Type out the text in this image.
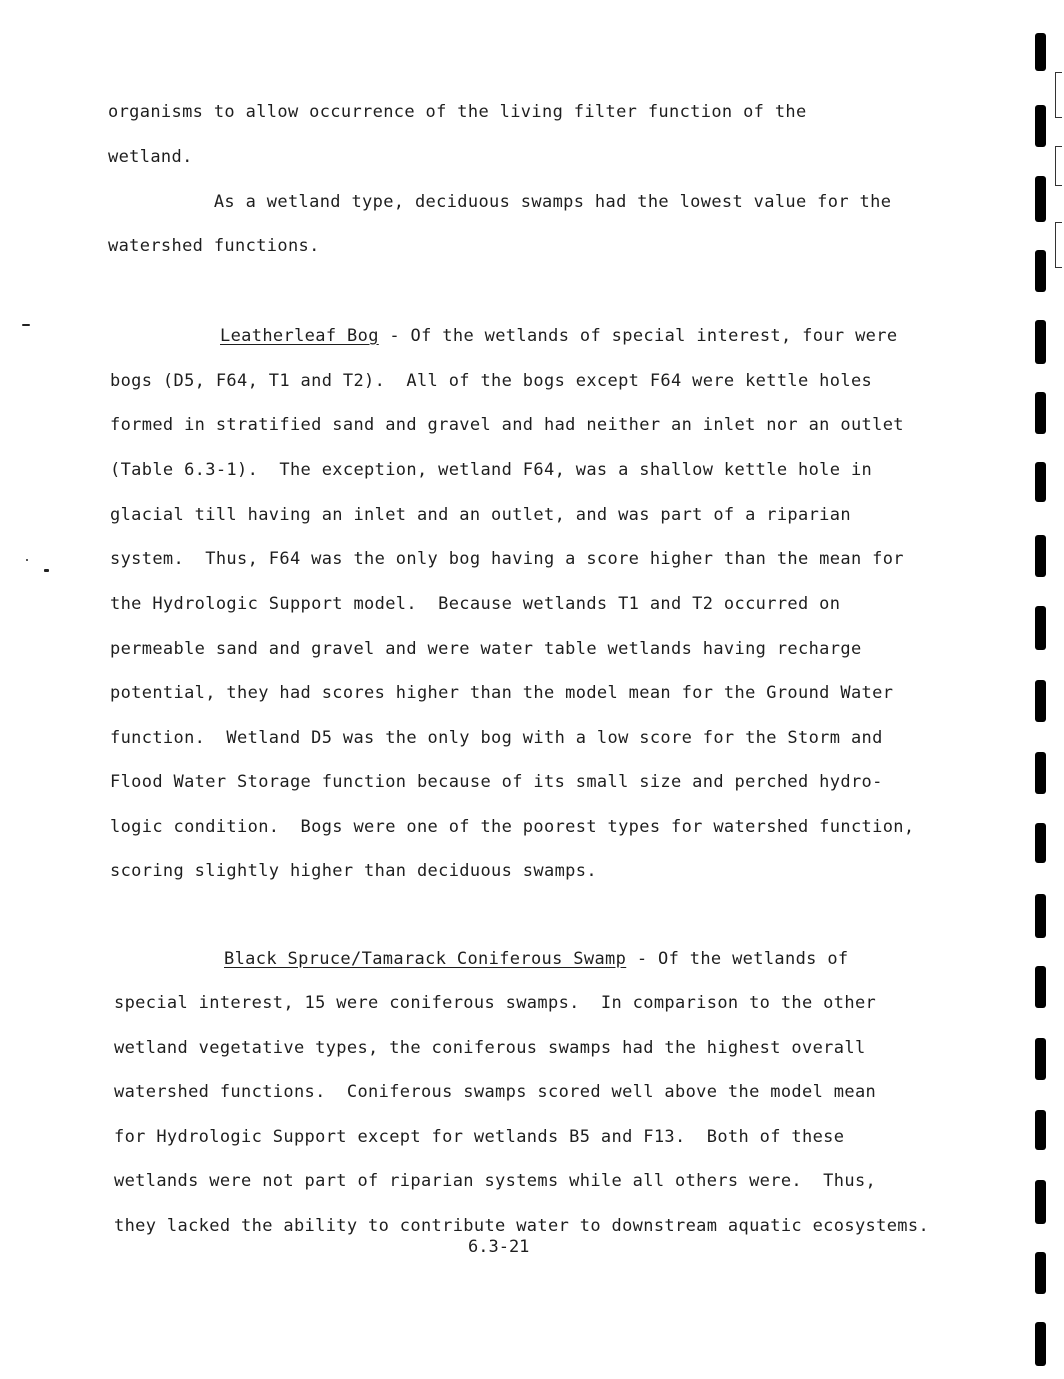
organisms to allow occurrence of the living filter function of the
wetland.
As a wetland type, deciduous swamps had the lowest value for the
watershed functions.
Leatherleaf Bog - Of the wetlands of special interest, four were
bogs (D5, F64, T1 and T2).  All of the bogs except F64 were kettle holes
formed in stratified sand and gravel and had neither an inlet nor an outlet
(Table 6.3-1).  The exception, wetland F64, was a shallow kettle hole in
glacial till having an inlet and an outlet, and was part of a riparian
system.  Thus, F64 was the only bog having a score higher than the mean for
the Hydrologic Support model.  Because wetlands T1 and T2 occurred on
permeable sand and gravel and were water table wetlands having recharge
potential, they had scores higher than the model mean for the Ground Water
function.  Wetland D5 was the only bog with a low score for the Storm and
Flood Water Storage function because of its small size and perched hydro-
logic condition.  Bogs were one of the poorest types for watershed function,
scoring slightly higher than deciduous swamps.
Black Spruce/Tamarack Coniferous Swamp - Of the wetlands of
special interest, 15 were coniferous swamps.  In comparison to the other
wetland vegetative types, the coniferous swamps had the highest overall
watershed functions.  Coniferous swamps scored well above the model mean
for Hydrologic Support except for wetlands B5 and F13.  Both of these
wetlands were not part of riparian systems while all others were.  Thus,
they lacked the ability to contribute water to downstream aquatic ecosystems.
6.3-21
